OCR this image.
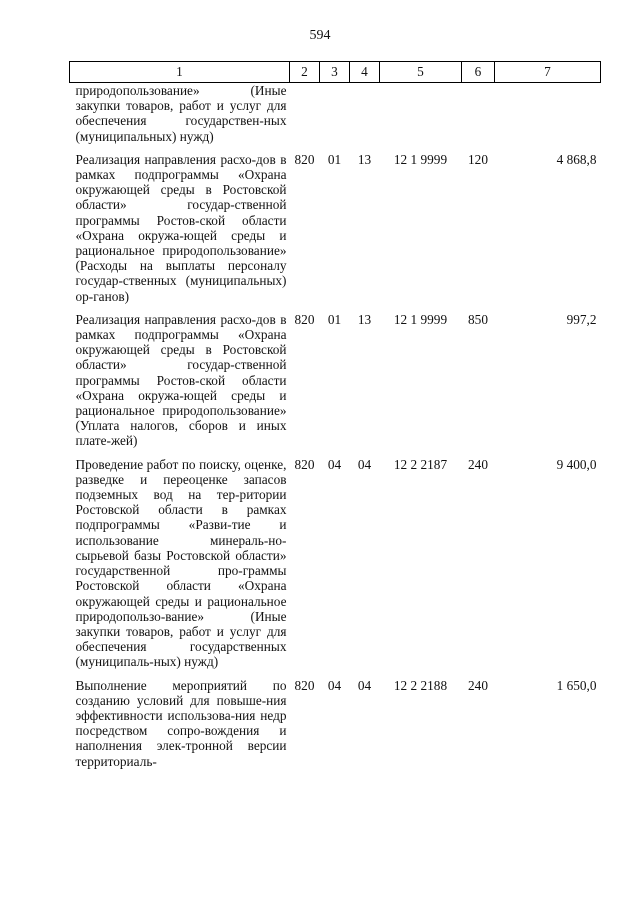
594
1	2	3	4	5	6	7
природопользование» (Иные закупки товаров, работ и услуг для обеспечения государствен-ных (муниципальных) нужд)						
Реализация направления расхо-дов в рамках подпрограммы «Охрана окружающей среды в Ростовской области» государ-ственной программы Ростов-ской области «Охрана окружа-ющей среды и рациональное природопользование» (Расходы на выплаты персоналу государ-ственных (муниципальных) ор-ганов)	820	01	13	12 1 9999	120	4 868,8
Реализация направления расхо-дов в рамках подпрограммы «Охрана окружающей среды в Ростовской области» государ-ственной программы Ростов-ской области «Охрана окружа-ющей среды и рациональное природопользование» (Уплата налогов, сборов и иных плате-жей)	820	01	13	12 1 9999	850	997,2
Проведение работ по поиску, оценке, разведке и переоценке запасов подземных вод на тер-ритории Ростовской области в рамках подпрограммы «Разви-тие и использование минераль-но-сырьевой базы Ростовской области» государственной про-граммы Ростовской области «Охрана окружающей среды и рациональное природопользо-вание» (Иные закупки товаров, работ и услуг для обеспечения государственных (муниципаль-ных) нужд)	820	04	04	12 2 2187	240	9 400,0
Выполнение мероприятий по созданию условий для повыше-ния эффективности использова-ния недр посредством сопро-вождения и наполнения элек-тронной версии территориаль-	820	04	04	12 2 2188	240	1 650,0
